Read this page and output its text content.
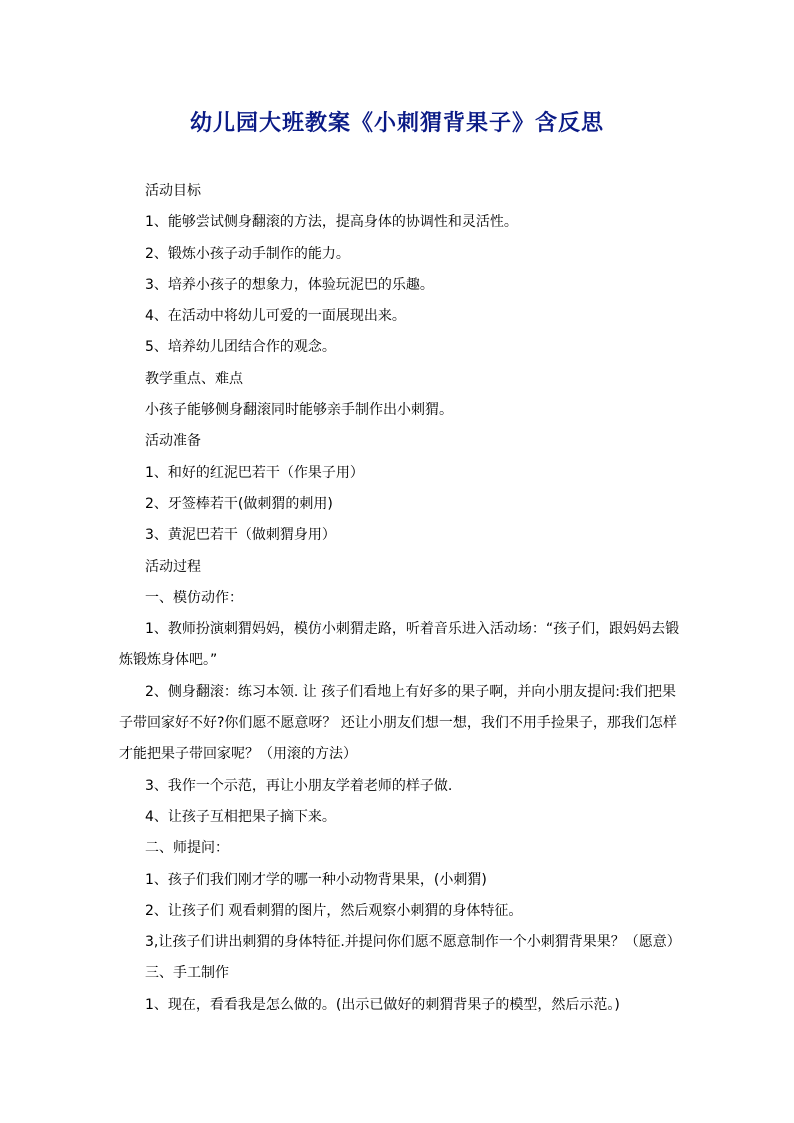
幼儿园大班教案《小刺猬背果子》含反思

活动目标

1、能够尝试侧身翻滚的方法，提高身体的协调性和灵活性。

2、锻炼小孩子动手制作的能力。

3、培养小孩子的想象力，体验玩泥巴的乐趣。

4、在活动中将幼儿可爱的一面展现出来。

5、培养幼儿团结合作的观念。

教学重点、难点

小孩子能够侧身翻滚同时能够亲手制作出小刺猬。

活动准备

1、和好的红泥巴若干（作果子用）

2、牙签棒若干(做刺猬的刺用)

3、黄泥巴若干（做刺猬身用）

活动过程

一、模仿动作：

1、教师扮演刺猬妈妈，模仿小刺猬走路，听着音乐进入活动场：“孩子们，跟妈妈去锻炼锻炼身体吧。”

2、侧身翻滚：练习本领. 让 孩子们看地上有好多的果子啊，并向小朋友提问:我们把果子带回家好不好?你们愿不愿意呀？ 还让小朋友们想一想，我们不用手捡果子，那我们怎样才能把果子带回家呢？（用滚的方法）

3、我作一个示范，再让小朋友学着老师的样子做.

4、让孩子互相把果子摘下来。

二、师提问：

1、孩子们我们刚才学的哪一种小动物背果果，(小刺猬)

2、让孩子们 观看刺猬的图片，然后观察小刺猬的身体特征。

3,让孩子们讲出刺猬的身体特征.并提问你们愿不愿意制作一个小刺猬背果果？（愿意）

三、手工制作

1、现在，看看我是怎么做的。(出示已做好的刺猬背果子的模型，然后示范。)
